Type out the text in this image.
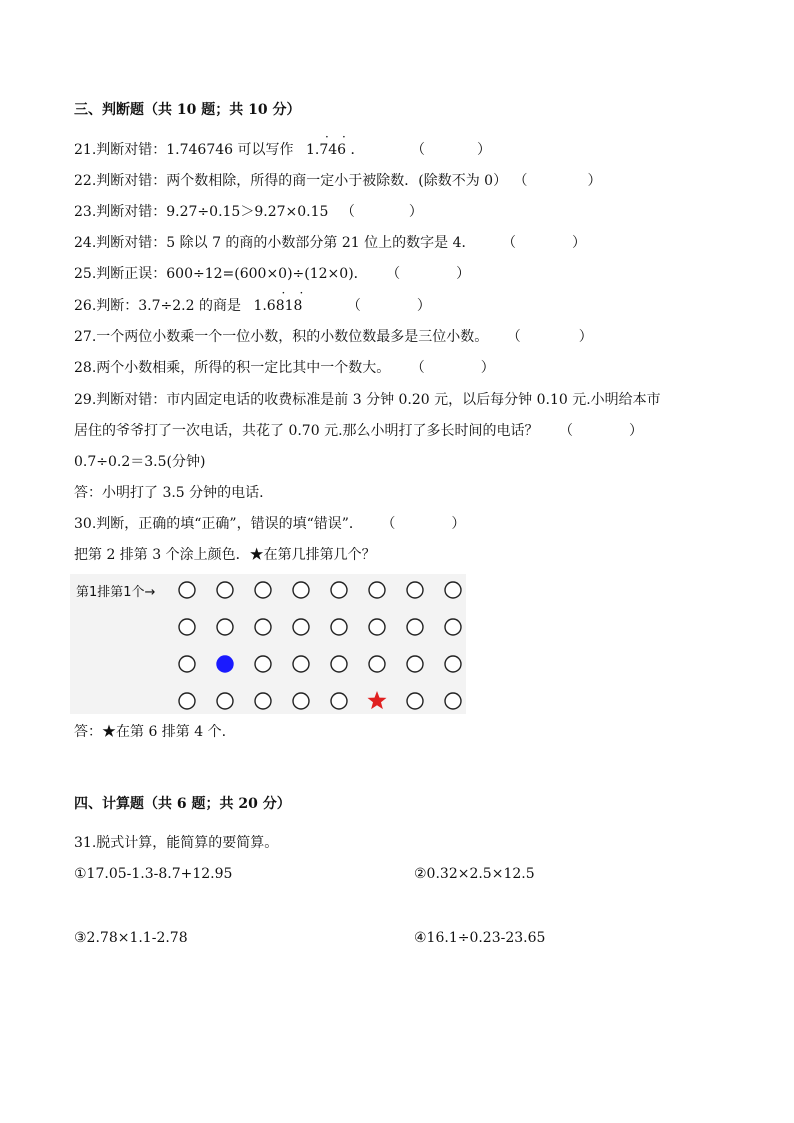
三、判断题（共 10 题；共 10 分）
21.判断对错：1.746746 可以写作 1.746
· ·
．	（	）
22.判断对错：两个数相除，所得的商一定小于被除数．(除数不为 0） （	）
23.判断对错：9.27÷0.15＞9.27×0.15 （	）
24.判断对错：5 除以 7 的商的小数部分第 21 位上的数字是 4． （	）
25.判断正误：600÷12=(600×0)÷(12×0)． （	）
26.判断：3.7÷2.2 的商是 1.6818
· ·
（	）
27.一个两位小数乘一个一位小数，积的小数位数最多是三位小数。 （	）
28.两个小数相乘，所得的积一定比其中一个数大。 （	）
29.判断对错：市内固定电话的收费标准是前 3 分钟 0.20 元，以后每分钟 0.10 元.小明给本市
居住的爷爷打了一次电话，共花了 0.70 元.那么小明打了多长时间的电话？ （	）
0.7÷0.2＝3.5(分钟)
答：小明打了 3.5 分钟的电话.
30.判断，正确的填“正确”，错误的填“错误”． （	）
把第 2 排第 3 个涂上颜色．★在第几排第几个？
第1排第1个→
答：★在第 6 排第 4 个.
四、计算题（共 6 题；共 20 分）
31.脱式计算，能简算的要简算。
①17.05-1.3-8.7+12.95	②0.32×2.5×12.5
③2.78×1.1-2.78	④16.1÷0.23-23.65
